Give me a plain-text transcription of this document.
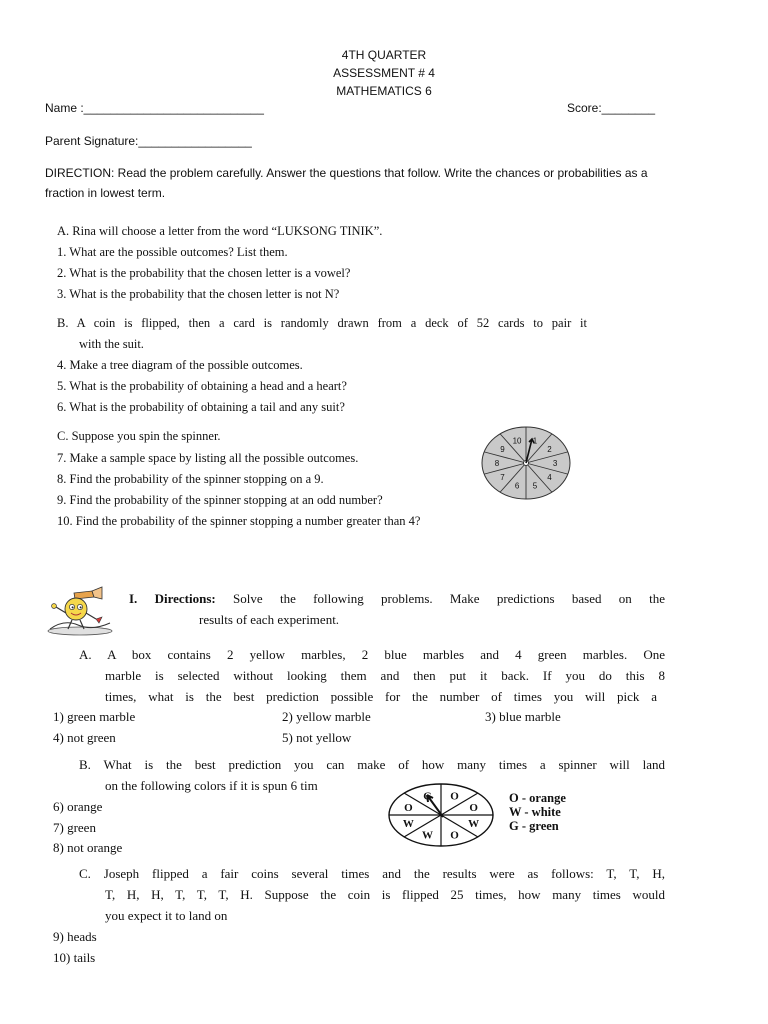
4TH QUARTER
ASSESSMENT # 4
MATHEMATICS 6
Name :___________________________	Score:________
Parent Signature:_________________
DIRECTION: Read the problem carefully. Answer the questions that follow. Write the chances or probabilities as a
fraction in lowest term.
A. Rina will choose a letter from the word “LUKSONG TINIK”.
1. What are the possible outcomes? List them.
2. What is the probability that the chosen letter is a vowel?
3. What is the probability that the chosen letter is not N?
B. A coin is flipped, then a card is randomly drawn from a deck of 52 cards to pair it
with the suit.
4. Make a tree diagram of the possible outcomes.
5. What is the probability of obtaining a head and a heart?
6. What is the probability of obtaining a tail and any suit?
C. Suppose you spin the spinner.
7. Make a sample space by listing all the possible outcomes.
8. Find the probability of the spinner stopping on a 9.
9. Find the probability of the spinner stopping at an odd number?
10. Find the probability of the spinner stopping a number greater than 4?
1
2
3
4
5
6
7
8
9
10
I. Directions: Solve the following problems. Make predictions based on the
results of each experiment.
A. A box contains 2 yellow marbles, 2 blue marbles and 4 green marbles. One
marble is selected without looking them and then put it back. If you do this 8
times, what is the best prediction possible for the number of times you will pick a
1) green marble	2) yellow marble	3) blue marble
4) not green	5) not yellow
B. What is the best prediction you can make of how many times a spinner will land
on the following colors if it is spun 6 tim
6) orange
7) green
8) not orange
O
O
W
O
W
W
O
G	O - orange
W - white
G - green
C. Joseph flipped a fair coins several times and the results were as follows: T, T, H,
T, H, H, T, T, T, H. Suppose the coin is flipped 25 times, how many times would
you expect it to land on
9) heads
10) tails
